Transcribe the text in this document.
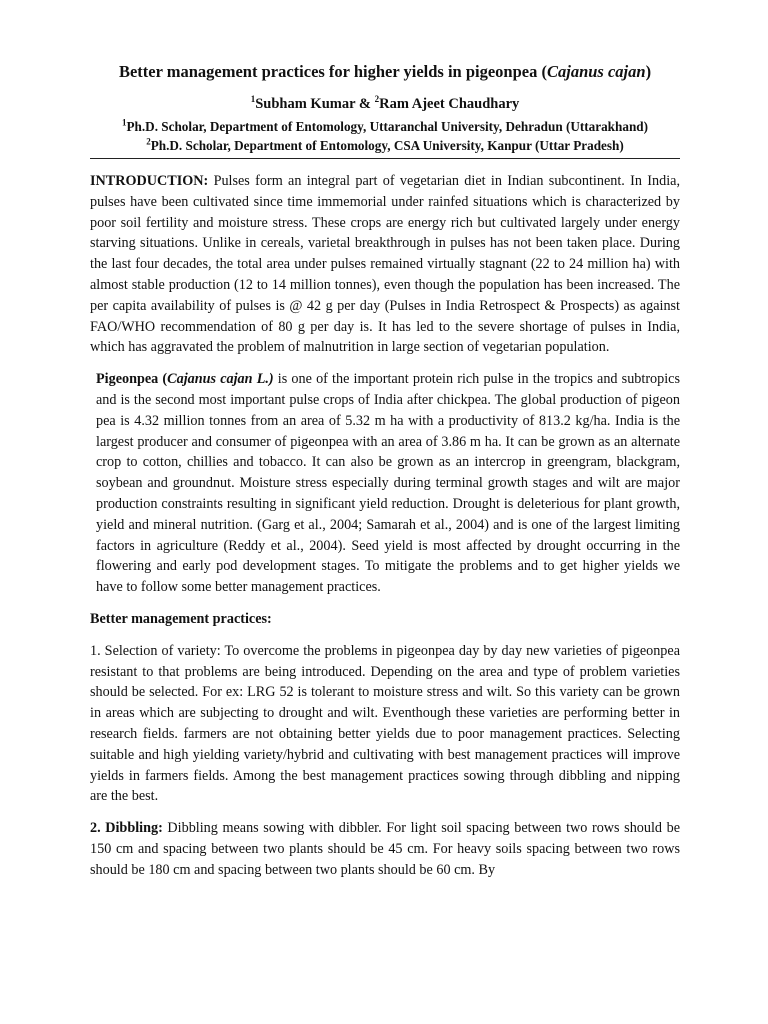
Better management practices for higher yields in pigeonpea (Cajanus cajan)
$^1$Subham Kumar & $^2$Ram Ajeet Chaudhary
$^1$Ph.D. Scholar, Department of Entomology, Uttaranchal University, Dehradun (Uttarakhand)
$^2$Ph.D. Scholar, Department of Entomology, CSA University, Kanpur (Uttar Pradesh)

INTRODUCTION: Pulses form an integral part of vegetarian diet in Indian subcontinent. In India, pulses have been cultivated since time immemorial under rainfed situations which is characterized by poor soil fertility and moisture stress. These crops are energy rich but cultivated largely under energy starving situations. Unlike in cereals, varietal breakthrough in pulses has not been taken place. During the last four decades, the total area under pulses remained virtually stagnant (22 to 24 million ha) with almost stable production (12 to 14 million tonnes), even though the population has been increased. The per capita availability of pulses is @ 42 g per day (Pulses in India Retrospect & Prospects) as against FAO/WHO recommendation of 80 g per day is. It has led to the severe shortage of pulses in India, which has aggravated the problem of malnutrition in large section of vegetarian population.

Pigeonpea (Cajanus cajan L.) is one of the important protein rich pulse in the tropics and subtropics and is the second most important pulse crops of India after chickpea. The global production of pigeon pea is 4.32 million tonnes from an area of 5.32 m ha with a productivity of 813.2 kg/ha. India is the largest producer and consumer of pigeonpea with an area of 3.86 m ha. It can be grown as an alternate crop to cotton, chillies and tobacco. It can also be grown as an intercrop in greengram, blackgram, soybean and groundnut. Moisture stress especially during terminal growth stages and wilt are major production constraints resulting in significant yield reduction. Drought is deleterious for plant growth, yield and mineral nutrition. (Garg et al., 2004; Samarah et al., 2004) and is one of the largest limiting factors in agriculture (Reddy et al., 2004). Seed yield is most affected by drought occurring in the flowering and early pod development stages. To mitigate the problems and to get higher yields we have to follow some better management practices.

Better management practices:

1. Selection of variety: To overcome the problems in pigeonpea day by day new varieties of pigeonpea resistant to that problems are being introduced. Depending on the area and type of problem varieties should be selected. For ex: LRG 52 is tolerant to moisture stress and wilt. So this variety can be grown in areas which are subjecting to drought and wilt. Eventhough these varieties are performing better in research fields. farmers are not obtaining better yields due to poor management practices. Selecting suitable and high yielding variety/hybrid and cultivating with best management practices will improve yields in farmers fields. Among the best management practices sowing through dibbling and nipping are the best.

2. Dibbling: Dibbling means sowing with dibbler. For light soil spacing between two rows should be 150 cm and spacing between two plants should be 45 cm. For heavy soils spacing between two rows should be 180 cm and spacing between two plants should be 60 cm. By
